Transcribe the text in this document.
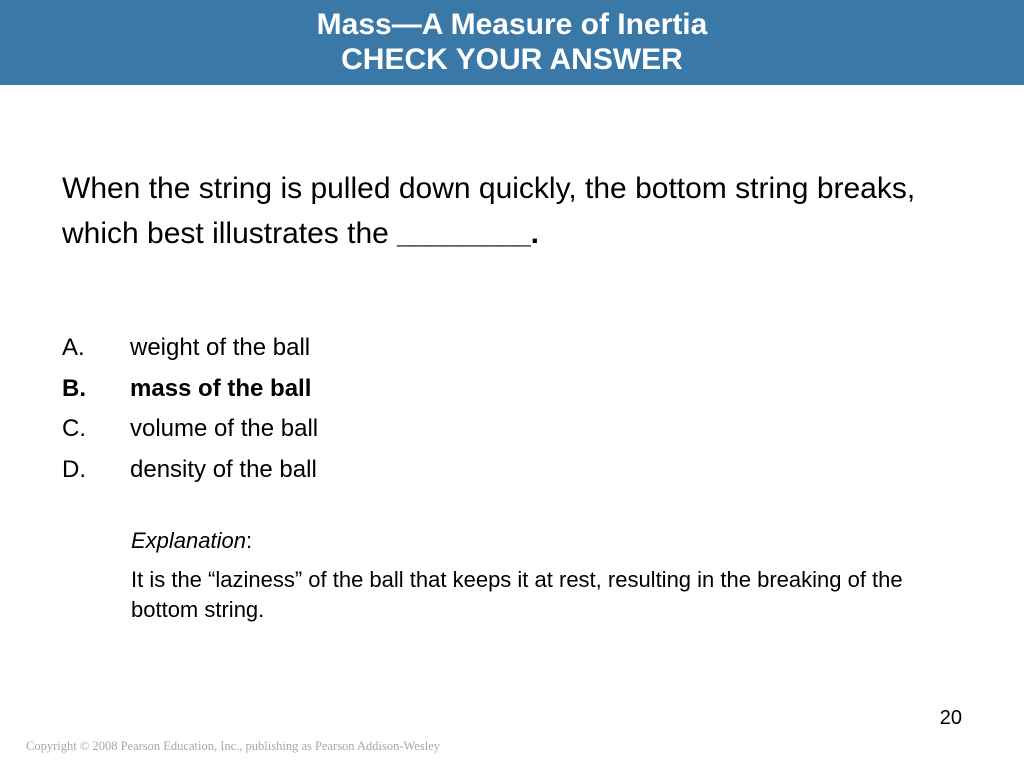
Mass—A Measure of Inertia
CHECK YOUR ANSWER
When the string is pulled down quickly, the bottom string breaks, which best illustrates the ________.
A. weight of the ball
B. mass of the ball
C. volume of the ball
D. density of the ball
Explanation:
It is the “laziness” of the ball that keeps it at rest, resulting in the breaking of the bottom string.
20
Copyright © 2008 Pearson Education, Inc., publishing as Pearson Addison-Wesley
